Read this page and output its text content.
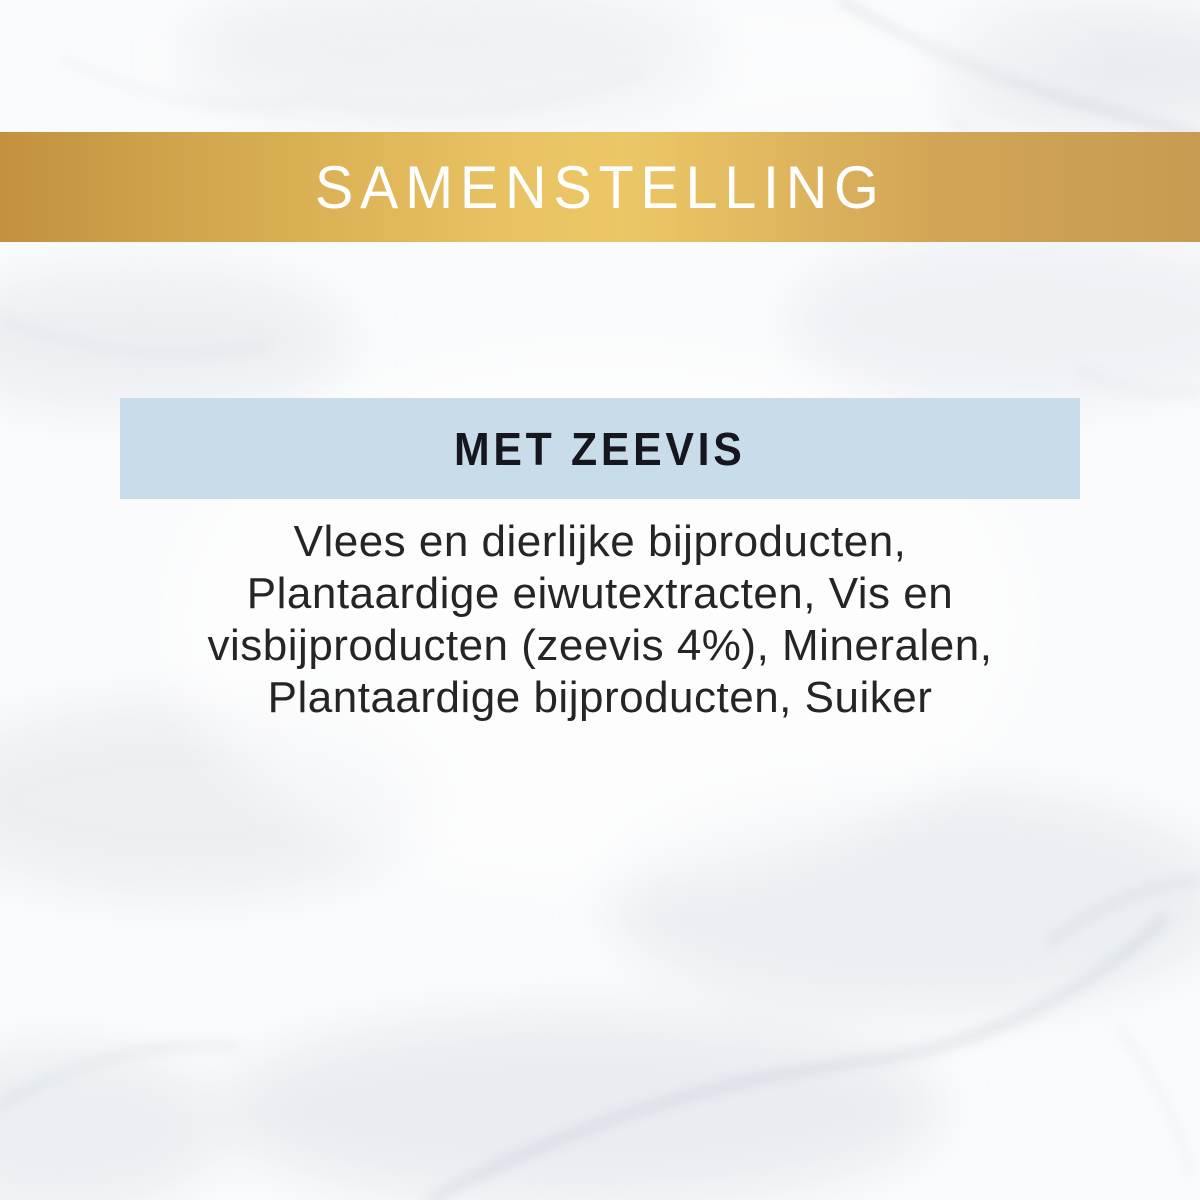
SAMENSTELLING
MET ZEEVIS
Vlees en dierlijke bijproducten,
Plantaardige eiwutextracten, Vis en
visbijproducten (zeevis 4%), Mineralen,
Plantaardige bijproducten, Suiker
